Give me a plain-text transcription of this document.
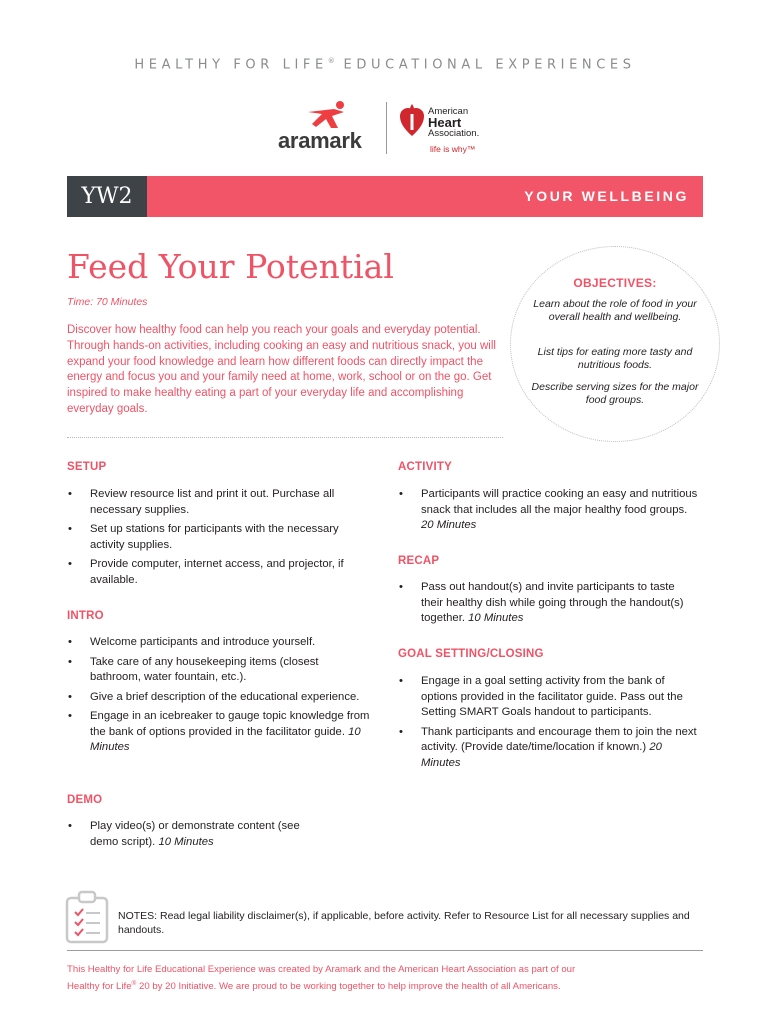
HEALTHY FOR LIFE® EDUCATIONAL EXPERIENCES
aramark
American
Heart
Association.
life is why™
YW2	YOUR WELLBEING
Feed Your Potential
Time: 70 Minutes
Discover how healthy food can help you reach your goals and everyday potential. Through hands-on activities, including cooking an easy and nutritious snack, you will expand your food knowledge and learn how different foods can directly impact the energy and focus you and your family need at home, work, school or on the go. Get inspired to make healthy eating a part of your everyday life and accomplishing everyday goals.
OBJECTIVES:
Learn about the role of food in your overall health and wellbeing.
List tips for eating more tasty and nutritious foods.
Describe serving sizes for the major food groups.
SETUP
• Review resource list and print it out. Purchase all necessary supplies.
• Set up stations for participants with the necessary activity supplies.
• Provide computer, internet access, and projector, if available.
INTRO
• Welcome participants and introduce yourself.
• Take care of any housekeeping items (closest bathroom, water fountain, etc.).
• Give a brief description of the educational experience.
• Engage in an icebreaker to gauge topic knowledge from the bank of options provided in the facilitator guide. 10 Minutes
DEMO
• Play video(s) or demonstrate content (see demo script). 10 Minutes
ACTIVITY
• Participants will practice cooking an easy and nutritious snack that includes all the major healthy food groups. 20 Minutes
RECAP
• Pass out handout(s) and invite participants to taste their healthy dish while going through the handout(s) together. 10 Minutes
GOAL SETTING/CLOSING
• Engage in a goal setting activity from the bank of options provided in the facilitator guide. Pass out the Setting SMART Goals handout to participants.
• Thank participants and encourage them to join the next activity. (Provide date/time/location if known.) 20 Minutes
NOTES: Read legal liability disclaimer(s), if applicable, before activity. Refer to Resource List for all necessary supplies and handouts.
This Healthy for Life Educational Experience was created by Aramark and the American Heart Association as part of our
Healthy for Life® 20 by 20 Initiative. We are proud to be working together to help improve the health of all Americans.
